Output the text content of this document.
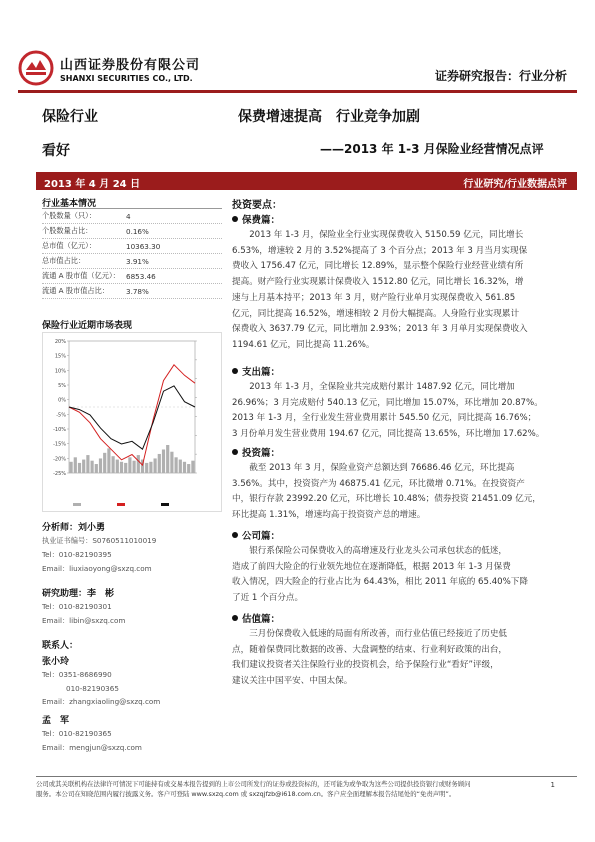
山西证券股份有限公司
SHANXI SECURITIES CO., LTD.	证券研究报告：行业分析
保险行业
看好
保费增速提高　行业竞争加剧
——2013 年 1-3 月保险业经营情况点评
2013 年 4 月 24 日	行业研究/行业数据点评
行业基本情况
个股数量（只）：	4
个股数量占比：	0.16%
总市值（亿元）：	10363.30
总市值占比：	3.91%
流通 A 股市值（亿元）： 6853.46
流通 A 股市值占比：	3.78%
保险行业近期市场表现
20%
15%
10%
5%
0%
-5%
-10%
-15%
-20%
-25%
分析师：刘小勇
执业证书编号：S0760511010019
Tel：010-82190395
Email：liuxiaoyong@sxzq.com
研究助理：李　彬
Tel：010-82190301
Email：libin@sxzq.com
联系人：
张小玲
Tel：0351-8686990
010-82190365
Email：zhangxiaoling@sxzq.com
孟　军
Tel：010-82190365
Email：mengjun@sxzq.com
投资要点：
保费篇：

　　2013 年 1-3 月，保险业全行业实现保费收入 5150.59 亿元，同比增长

6.53%，增速较 2 月的 3.52%提高了 3 个百分点；2013 年 3 月当月实现保

费收入 1756.47 亿元，同比增长 12.89%，显示整个保险行业经营业绩有所

提高。财产险行业实现累计保费收入 1512.80 亿元，同比增长 16.32%，增

速与上月基本持平；2013 年 3 月，财产险行业单月实现保费收入 561.85

亿元，同比提高 16.52%，增速相较 2 月份大幅提高。人身险行业实现累计

保费收入 3637.79 亿元，同比增加 2.93%；2013 年 3 月单月实现保费收入

1194.61 亿元，同比提高 11.26%。

支出篇：

　　2013 年 1-3 月，全保险业共完成赔付累计 1487.92 亿元，同比增加

26.96%；3 月完成赔付 540.13 亿元，同比增加 15.07%，环比增加 20.87%。

2013 年 1-3 月，全行业发生营业费用累计 545.50 亿元，同比提高 16.76%；

3 月份单月发生营业费用 194.67 亿元，同比提高 13.65%，环比增加 17.62%。

投资篇：

　　截至 2013 年 3 月，保险业资产总额达到 76686.46 亿元，环比提高

3.56%。其中，投资资产为 46875.41 亿元，环比微增 0.71%。在投资资产

中，银行存款 23992.20 亿元，环比增长 10.48%；债券投资 21451.09 亿元，

环比提高 1.31%，增速均高于投资资产总的增速。

公司篇：

　　银行系保险公司保费收入的高增速及行业龙头公司承包状态的低迷，

造成了前四大险企的行业领先地位在逐渐降低，根据 2013 年 1-3 月保费

收入情况，四大险企的行业占比为 64.43%，相比 2011 年底的 65.40%下降

了近 1 个百分点。

估值篇：

　　三月份保费收入低速的局面有所改善，而行业估值已经接近了历史低

点，随着保费同比数据的改善、大盘调整的结束、行业利好政策的出台，

我们建议投资者关注保险行业的投资机会，给予保险行业“看好”评级，

建议关注中国平安、中国太保。

公司或其关联机构在法律许可情况下可能持有或交易本报告提到的上市公司所发行的证券或投资标的，还可能为或争取为这些公司提供投资银行或财务顾问

服务。本公司在知晓范围内履行披露义务。客户可登陆 www.sxzq.com 或 sxzqjfzb@i618.com.cn。客户应全面理解本报告结尾处的“免责声明”。

1
